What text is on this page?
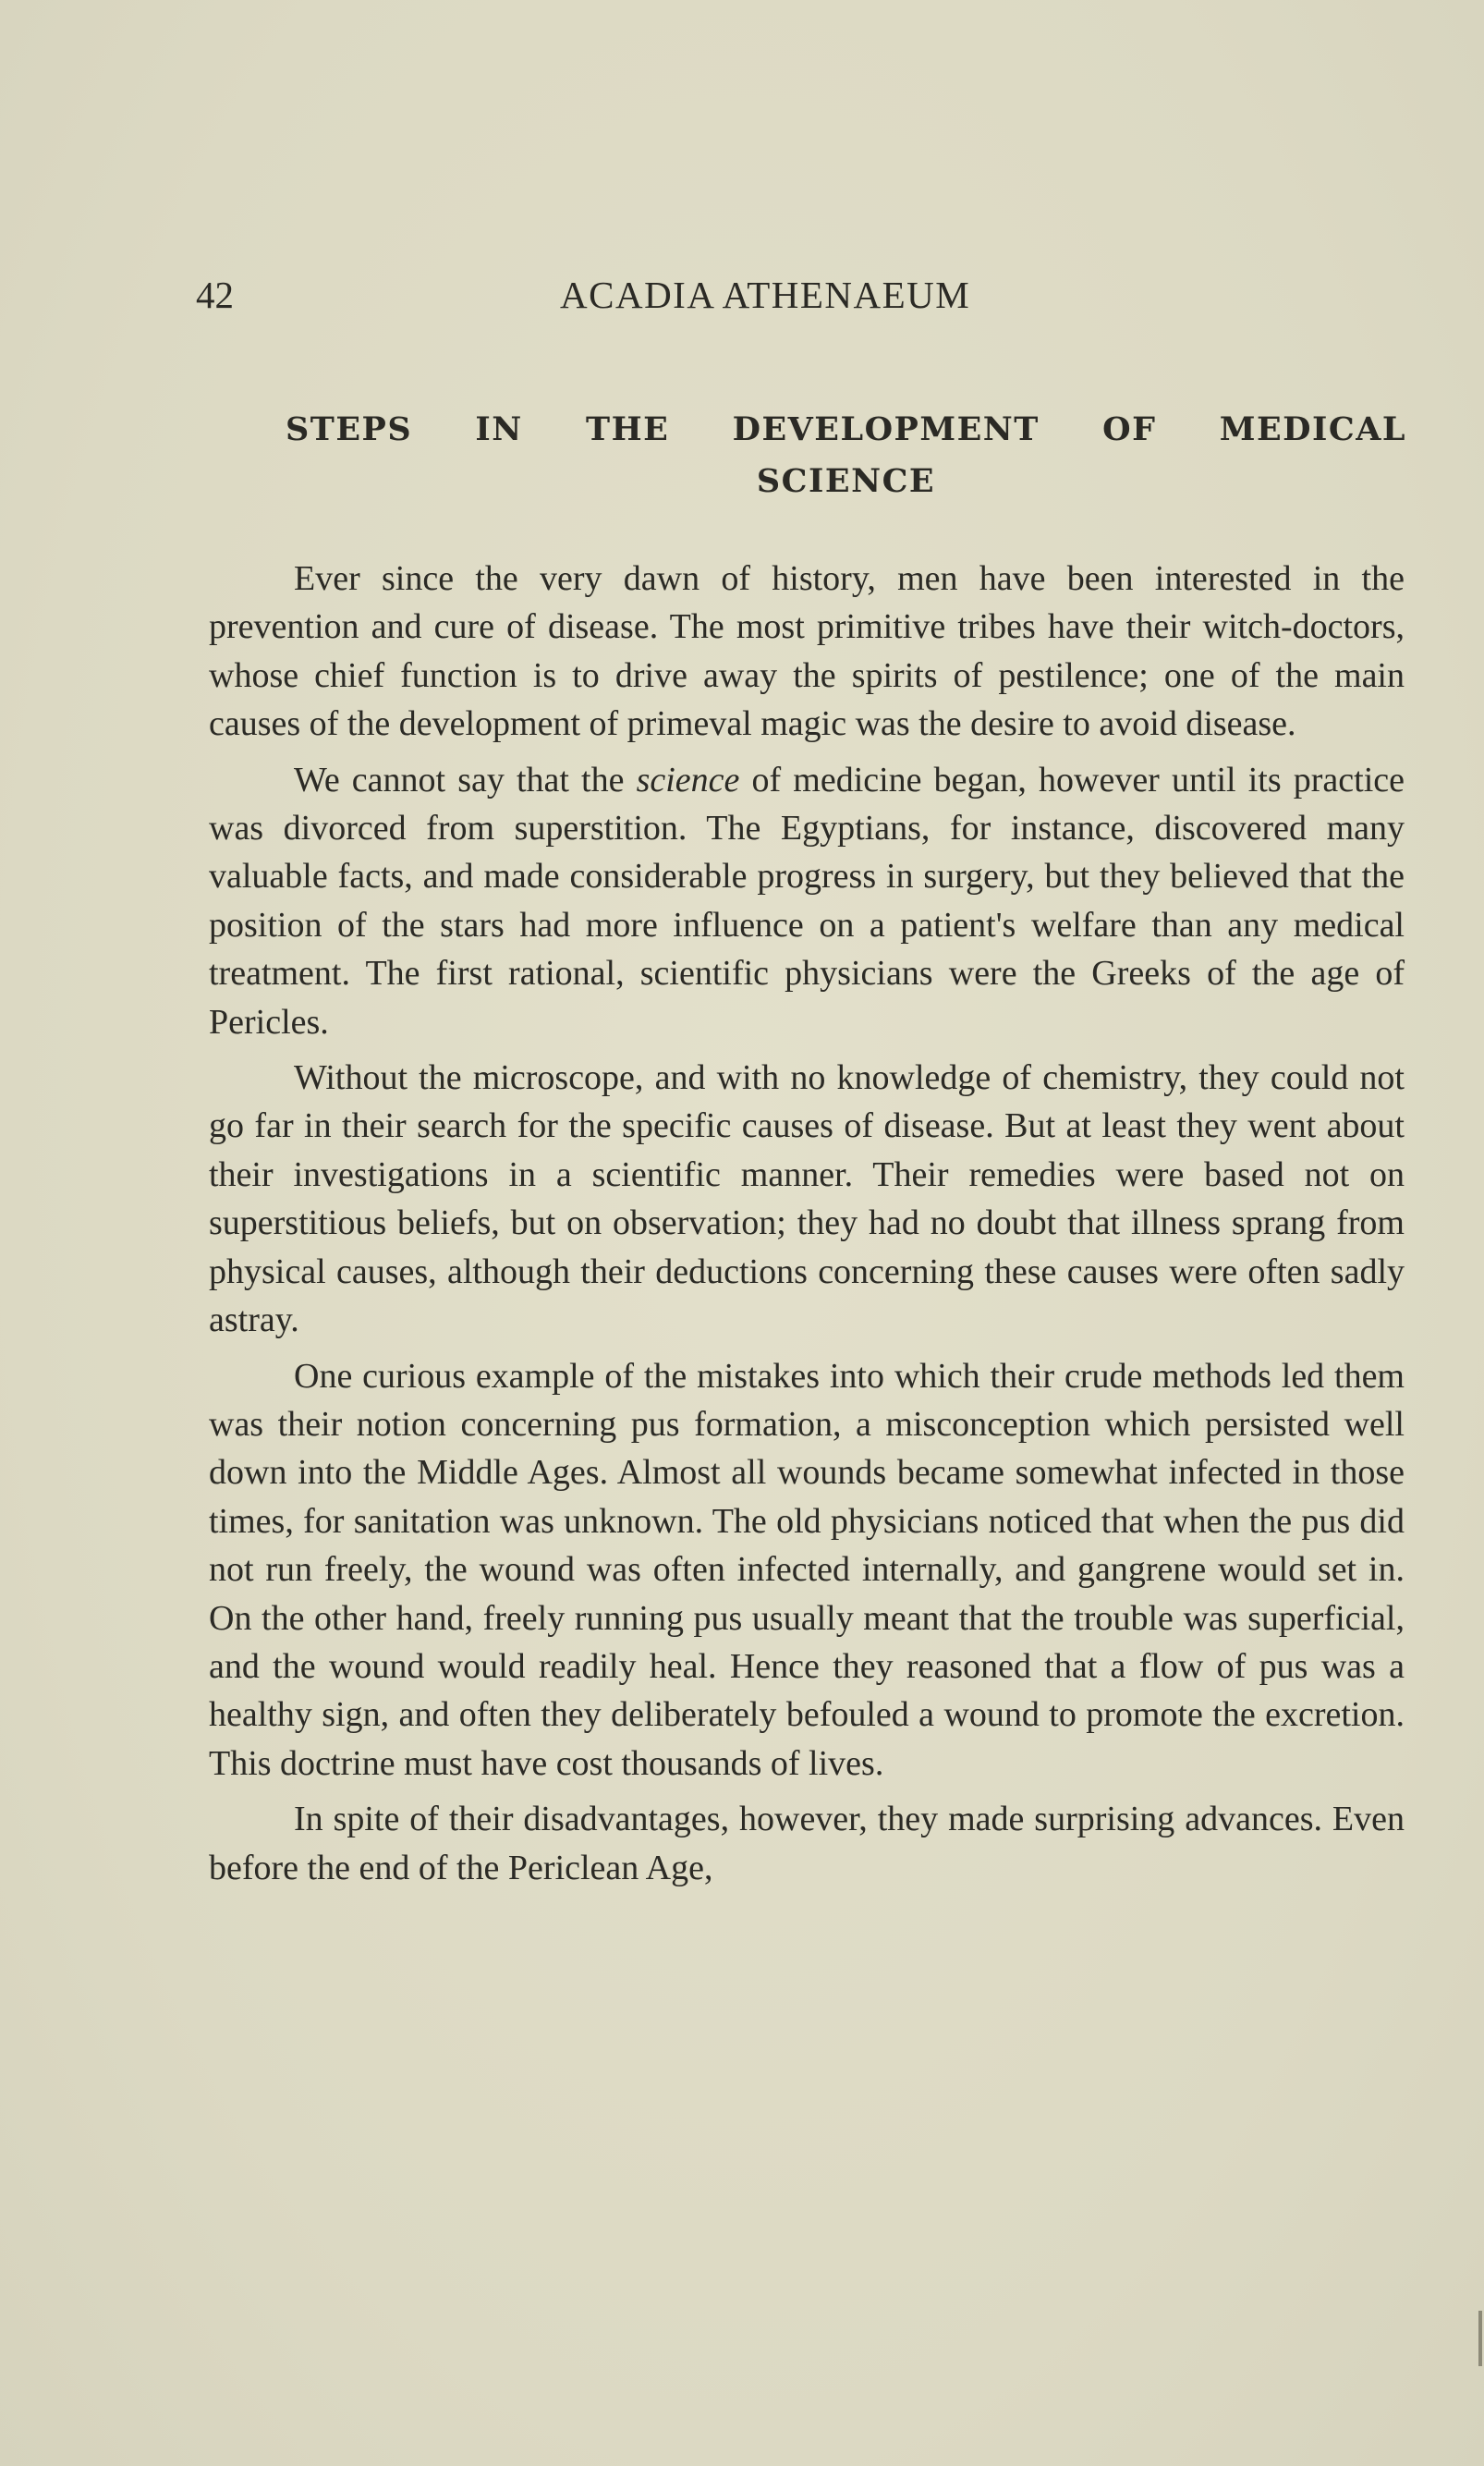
42	ACADIA ATHENAEUM
STEPS IN THE DEVELOPMENT OF MEDICAL
SCIENCE

Ever since the very dawn of history, men have been interested in the prevention and cure of disease. The most primitive tribes have their witch-doctors, whose chief function is to drive away the spirits of pestilence; one of the main causes of the development of primeval magic was the desire to avoid disease.

We cannot say that the science of medicine began, however until its practice was divorced from superstition. The Egyptians, for instance, discovered many valuable facts, and made considerable progress in surgery, but they believed that the position of the stars had more influence on a patient's welfare than any medical treatment. The first rational, scientific physicians were the Greeks of the age of Pericles.

Without the microscope, and with no knowledge of chemistry, they could not go far in their search for the specific causes of disease. But at least they went about their investigations in a scientific manner. Their remedies were based not on superstitious beliefs, but on observation; they had no doubt that illness sprang from physical causes, although their deductions concerning these causes were often sadly astray.

One curious example of the mistakes into which their crude methods led them was their notion concerning pus formation, a misconception which persisted well down into the Middle Ages. Almost all wounds became somewhat infected in those times, for sanitation was unknown. The old physicians noticed that when the pus did not run freely, the wound was often infected internally, and gangrene would set in. On the other hand, freely running pus usually meant that the trouble was superficial, and the wound would readily heal. Hence they reasoned that a flow of pus was a healthy sign, and often they deliberately befouled a wound to promote the excretion. This doctrine must have cost thousands of lives.

In spite of their disadvantages, however, they made surprising advances. Even before the end of the Periclean Age,
